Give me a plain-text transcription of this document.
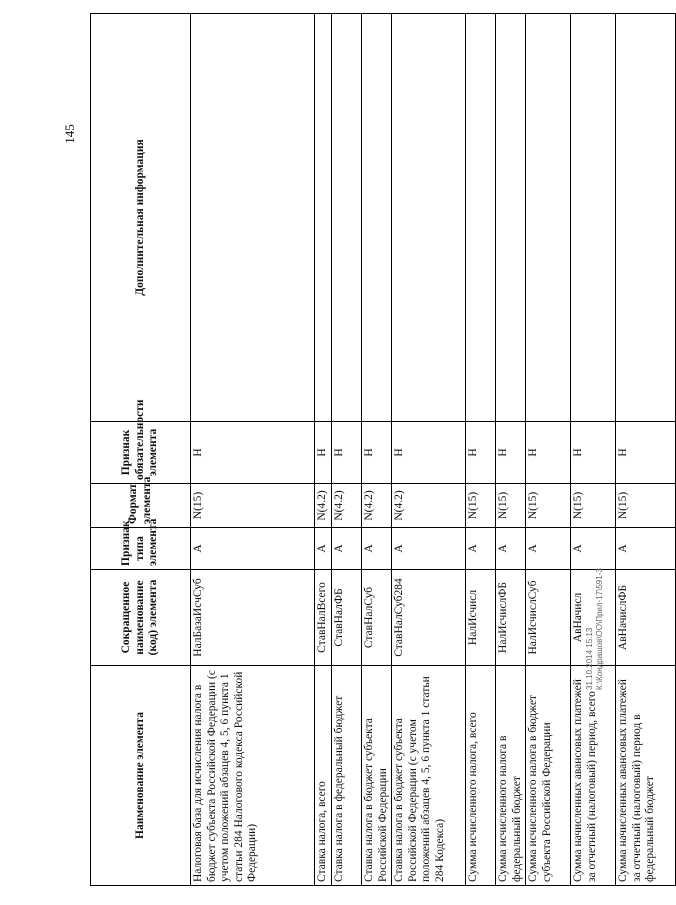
145
Наименование элемента	Сокращенное наименование (код) элемента	Признак типа элемента	Формат элемента	Признак обязательности элемента	Дополнительная информация
Налоговая база для исчисления налога в бюджет субъекта Российской Федерации (с учетом положений абзацев 4, 5, 6 пункта 1 статьи 284 Налогового кодекса Российской Федерации)	НалБазаИсчСуб	А	N(15)	Н	
Ставка налога, всего	СтавНалВсего	А	N(4.2)	Н	
Ставка налога в федеральный бюджет	СтавНалФБ	А	N(4.2)	Н	
Ставка налога в бюджет субъекта Российской Федерации	СтавНалСуб	А	N(4.2)	Н	
Ставка налога в бюджет субъекта Российской Федерации (с учетом положений абзацев 4, 5, 6 пункта 1 статьи 284 Кодекса)	СтавНалСуб284	А	N(4.2)	Н	
Сумма исчисленного налога, всего	НалИсчисл	А	N(15)	Н	
Сумма исчисленного налога в федеральный бюджет	НалИсчислФБ	А	N(15)	Н	
Сумма исчисленного налога в бюджет субъекта Российской Федерации	НалИсчислСуб	А	N(15)	Н	
Сумма начисленных авансовых платежей за отчетный (налоговый) период, всего	АвНачисл	А	N(15)	Н	
Сумма начисленных авансовых платежей за отчетный (налоговый) период в федеральный бюджет	АвНачислФБ	А	N(15)	Н	
31.10.2014 15:13 К:\Кондрашов\ОО\Прил-17\591-3
